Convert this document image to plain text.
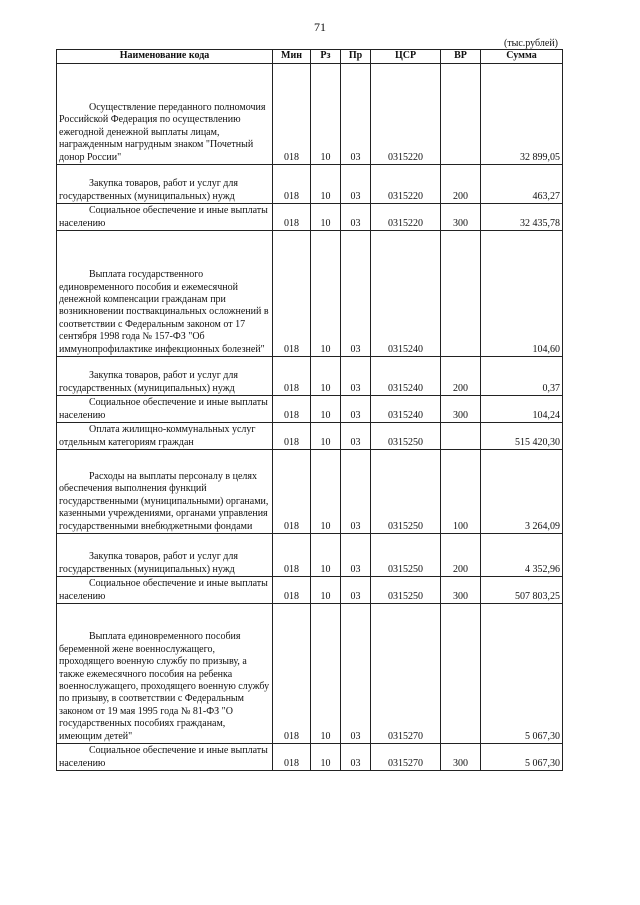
71
(тыс.рублей)
Наименование кода	Мин	Рз	Пр	ЦСР	ВР	Сумма

Осуществление переданного полномочия Российской Федерация по осуществлению ежегодной денежной выплаты лицам, награжденным нагрудным знаком "Почетный донор России"	018	10	03	0315220		32 899,05

Закупка товаров, работ и услуг для государственных (муниципальных) нужд	018	10	03	0315220	200	463,27

Социальное обеспечение и иные выплаты населению	018	10	03	0315220	300	32 435,78

Выплата государственного единовременного пособия и ежемесячной денежной компенсации гражданам при возникновении поствакцинальных осложнений в соответствии с Федеральным законом от 17 сентября 1998 года № 157-ФЗ "Об иммунопрофилактике инфекционных болезней"	018	10	03	0315240		104,60

Закупка товаров, работ и услуг для государственных (муниципальных) нужд	018	10	03	0315240	200	0,37

Социальное обеспечение и иные выплаты населению	018	10	03	0315240	300	104,24

Оплата жилищно-коммунальных услуг отдельным категориям граждан	018	10	03	0315250		515 420,30

Расходы на выплаты персоналу в целях обеспечения выполнения функций государственными (муниципальными) органами, казенными учреждениями, органами управления государственными внебюджетными фондами	018	10	03	0315250	100	3 264,09

Закупка товаров, работ и услуг для государственных (муниципальных) нужд	018	10	03	0315250	200	4 352,96

Социальное обеспечение и иные выплаты населению	018	10	03	0315250	300	507 803,25

Выплата единовременного пособия беременной жене военнослужащего, проходящего военную службу по призыву, а также ежемесячного пособия на ребенка военнослужащего, проходящего военную службу по призыву, в соответствии с Федеральным законом от 19 мая 1995 года № 81-ФЗ "О государственных пособиях гражданам, имеющим детей"	018	10	03	0315270		5 067,30

Социальное обеспечение и иные выплаты населению	018	10	03	0315270	300	5 067,30
